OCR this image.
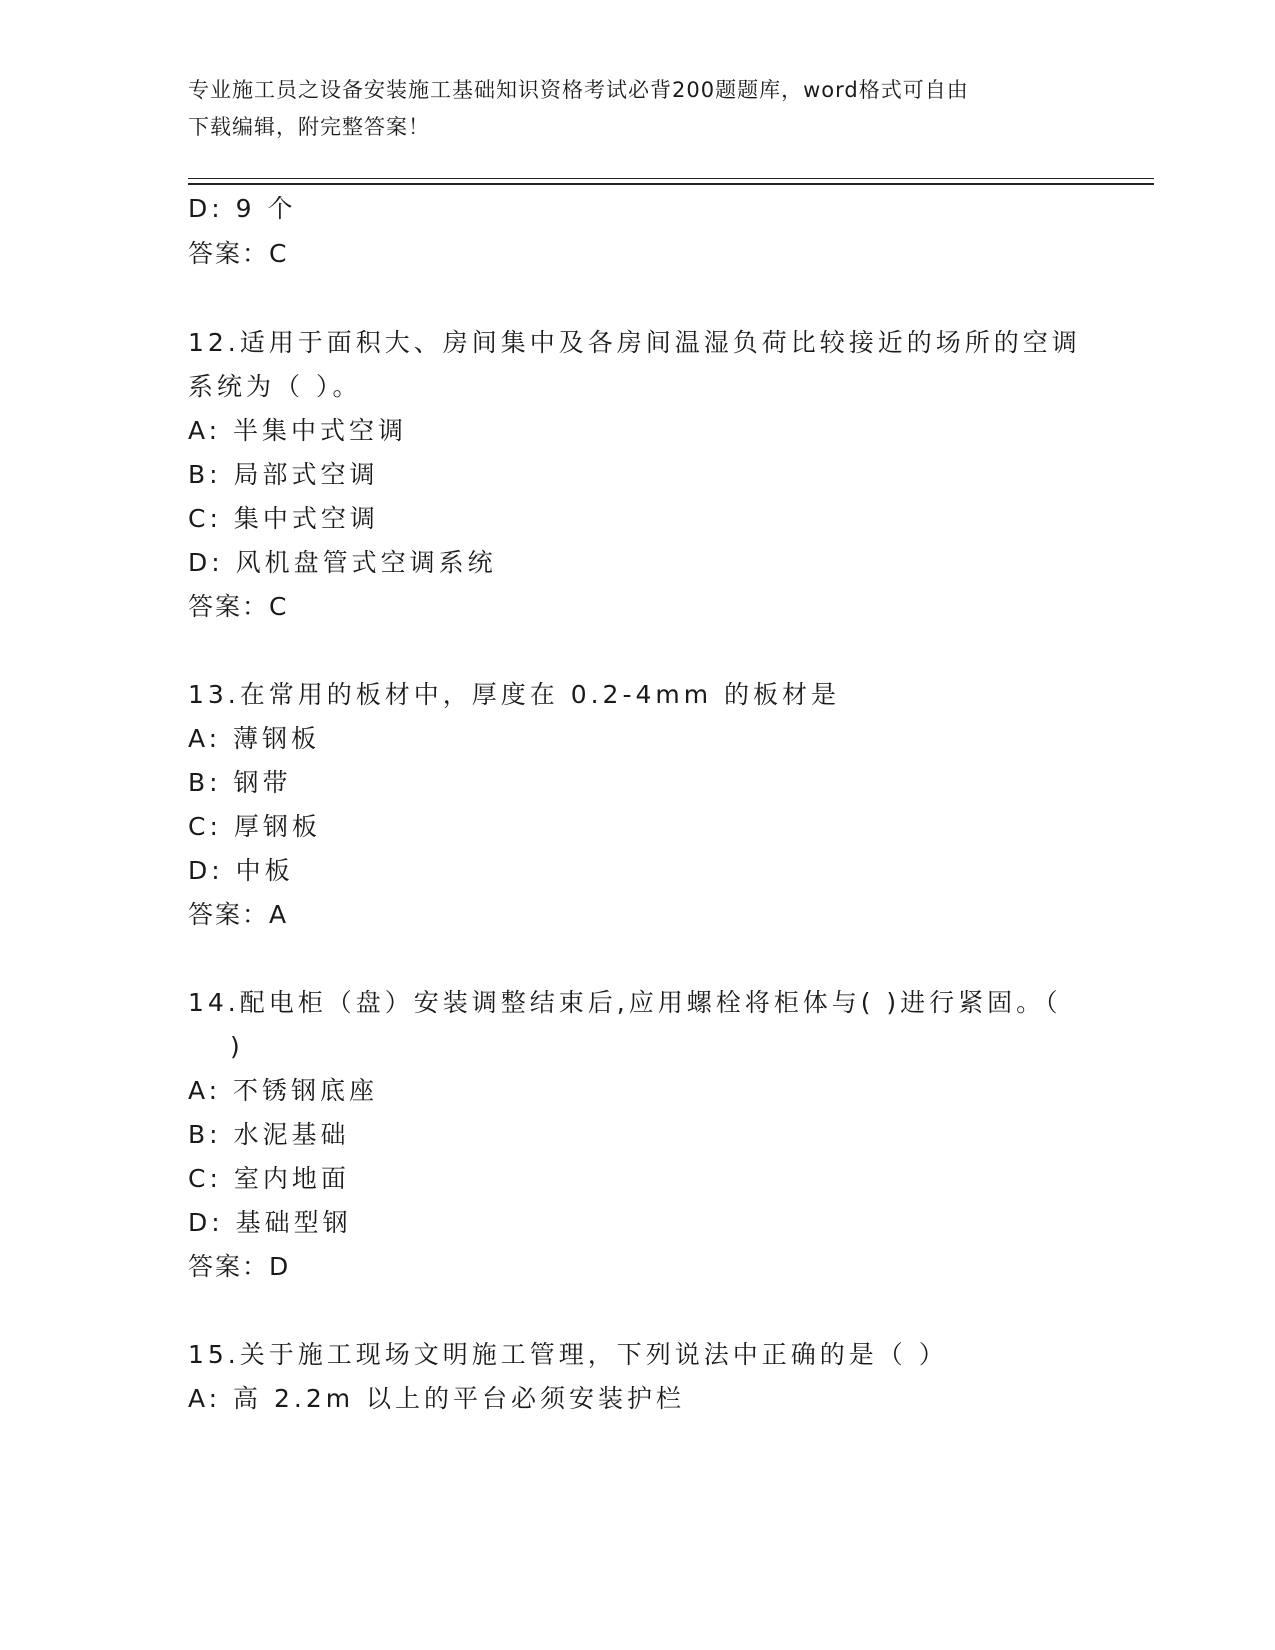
专业施工员之设备安装施工基础知识资格考试必背200题题库，word格式可自由
下载编辑，附完整答案！
D: 9 个
答案：C
12.适用于面积大、房间集中及各房间温湿负荷比较接近的场所的空调
系统为（ ）。
A: 半集中式空调
B: 局部式空调
C: 集中式空调
D: 风机盘管式空调系统
答案：C
13.在常用的板材中，厚度在 0.2-4mm 的板材是
A: 薄钢板
B: 钢带
C: 厚钢板
D: 中板
答案：A
14.配电柜（盘）安装调整结束后,应用螺栓将柜体与( )进行紧固。（
)
A: 不锈钢底座
B: 水泥基础
C: 室内地面
D: 基础型钢
答案：D
15.关于施工现场文明施工管理，下列说法中正确的是（ ）
A: 高 2.2m 以上的平台必须安装护栏
